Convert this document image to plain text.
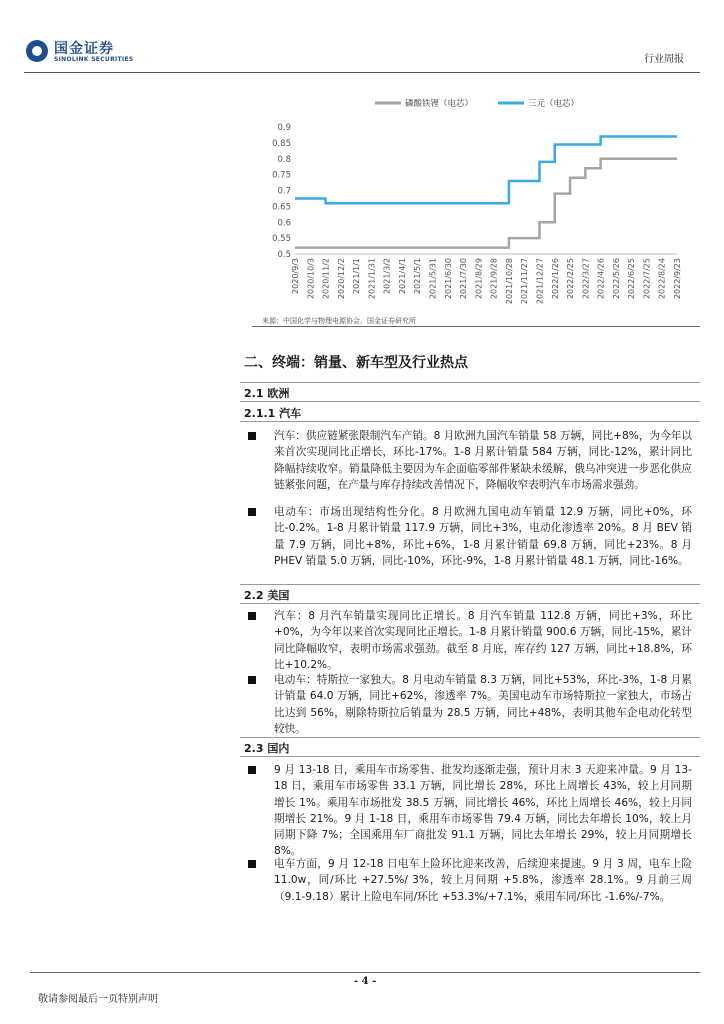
国金证券
SINOLINK SECURITIES	行业周报
磷酸铁锂（电芯）	三元（电芯）
0.9
0.85
0.8
0.75
0.7
0.65
0.6
0.55
0.5
2020/9/3 2020/10/3 2020/11/2 2020/12/2 2021/1/1 2021/1/31 2021/3/2 2021/4/1 2021/5/1 2021/5/31 2021/6/30 2021/7/30 2021/8/29 2021/9/28 2021/10/28 2021/11/27 2021/12/27 2022/1/26 2022/2/25 2022/3/27 2022/4/26 2022/5/26 2022/6/25 2022/7/25 2022/8/24 2022/9/23
来源：中国化学与物理电源协会，国金证券研究所
二、终端：销量、新车型及行业热点
2.1 欧洲
2.1.1 汽车
汽车：供应链紧张限制汽车产销。8 月欧洲九国汽车销量 58 万辆，同比+8%，为今年以来首次实现同比正增长，环比-17%。1-8 月累计销量 584 万辆，同比-12%，累计同比降幅持续收窄。销量降低主要因为车企面临零部件紧缺未缓解，俄乌冲突进一步恶化供应链紧张问题，在产量与库存持续改善情况下，降幅收窄表明汽车市场需求强劲。
电动车：市场出现结构性分化。8 月欧洲九国电动车销量 12.9 万辆，同比+0%，环比-0.2%。1-8 月累计销量 117.9 万辆，同比+3%，电动化渗透率 20%。8 月 BEV 销量 7.9 万辆，同比+8%，环比+6%，1-8 月累计销量 69.8 万辆，同比+23%。8 月 PHEV 销量 5.0 万辆，同比-10%，环比-9%，1-8 月累计销量 48.1 万辆，同比-16%。
2.2 美国
汽车：8 月汽车销量实现同比正增长。8 月汽车销量 112.8 万辆，同比+3%，环比+0%，为今年以来首次实现同比正增长。1-8 月累计销量 900.6 万辆，同比-15%，累计同比降幅收窄，表明市场需求强劲。截至 8 月底，库存约 127 万辆，同比+18.8%，环比+10.2%。
电动车：特斯拉一家独大。8 月电动车销量 8.3 万辆，同比+53%，环比-3%，1-8 月累计销量 64.0 万辆，同比+62%，渗透率 7%。美国电动车市场特斯拉一家独大，市场占比达到 56%，剔除特斯拉后销量为 28.5 万辆，同比+48%，表明其他车企电动化转型较快。
2.3 国内
9 月 13-18 日，乘用车市场零售、批发均逐渐走强，预计月末 3 天迎来冲量。9 月 13-18 日，乘用车市场零售 33.1 万辆，同比增长 28%，环比上周增长 43%，较上月同期增长 1%。乘用车市场批发 38.5 万辆，同比增长 46%，环比上周增长 46%，较上月同期增长 21%。9 月 1-18 日，乘用车市场零售 79.4 万辆，同比去年增长 10%，较上月同期下降 7%；全国乘用车厂商批发 91.1 万辆，同比去年增长 29%，较上月同期增长 8%。
电车方面，9 月 12-18 日电车上险环比迎来改善，后续迎来提速。9 月 3 周，电车上险 11.0w，同/环比 +27.5%/ 3%，较上月同期 +5.8%，渗透率 28.1%。9 月前三周（9.1-9.18）累计上险电车同/环比 +53.3%/+7.1%，乘用车同/环比 -1.6%/-7%。
- 4 -
敬请参阅最后一页特别声明
